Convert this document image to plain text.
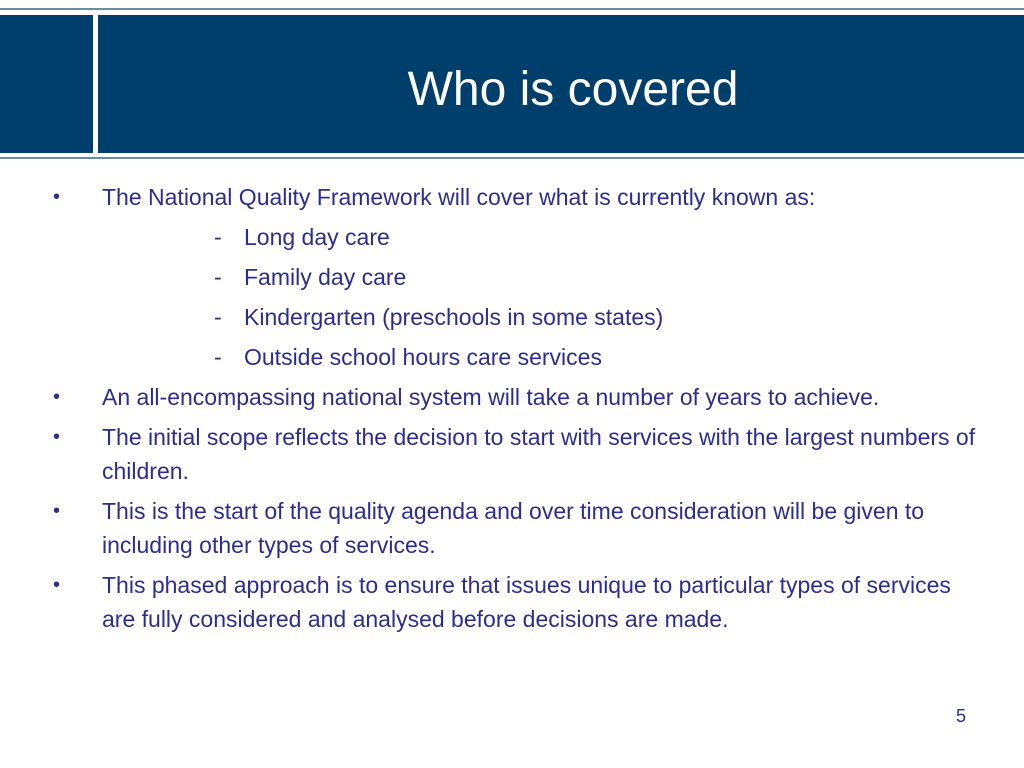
Who is covered
• The National Quality Framework will cover what is currently known as:
- Long day care
- Family day care
- Kindergarten (preschools in some states)
- Outside school hours care services
• An all-encompassing national system will take a number of years to achieve.
• The initial scope reflects the decision to start with services with the largest numbers of children.
• This is the start of the quality agenda and over time consideration will be given to including other types of services.
• This phased approach is to ensure that issues unique to particular types of services are fully considered and analysed before decisions are made.
5
